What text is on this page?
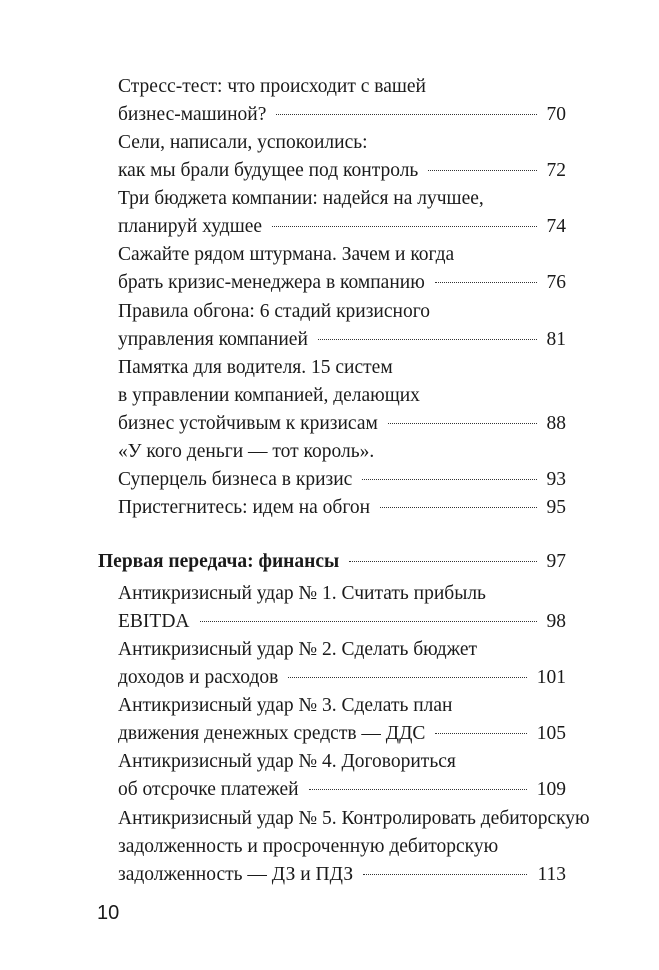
Стресс-тест: что происходит с вашей
бизнес-машиной?	70
Сели, написали, успокоились:
как мы брали будущее под контроль	72
Три бюджета компании: надейся на лучшее,
планируй худшее	74
Сажайте рядом штурмана. Зачем и когда
брать кризис-менеджера в компанию	76
Правила обгона: 6 стадий кризисного
управления компанией	81
Памятка для водителя. 15 систем
в управлении компанией, делающих
бизнес устойчивым к кризисам	88
«У кого деньги — тот король».
Суперцель бизнеса в кризис	93
Пристегнитесь: идем на обгон	95
Первая передача: финансы	97
Антикризисный удар № 1. Считать прибыль
EBITDA	98
Антикризисный удар № 2. Сделать бюджет
доходов и расходов	101
Антикризисный удар № 3. Сделать план
движения денежных средств — ДДС	105
Антикризисный удар № 4. Договориться
об отсрочке платежей	109
Антикризисный удар № 5. Контролировать дебиторскую
задолженность и просроченную дебиторскую
задолженность — ДЗ и ПДЗ	113
10
